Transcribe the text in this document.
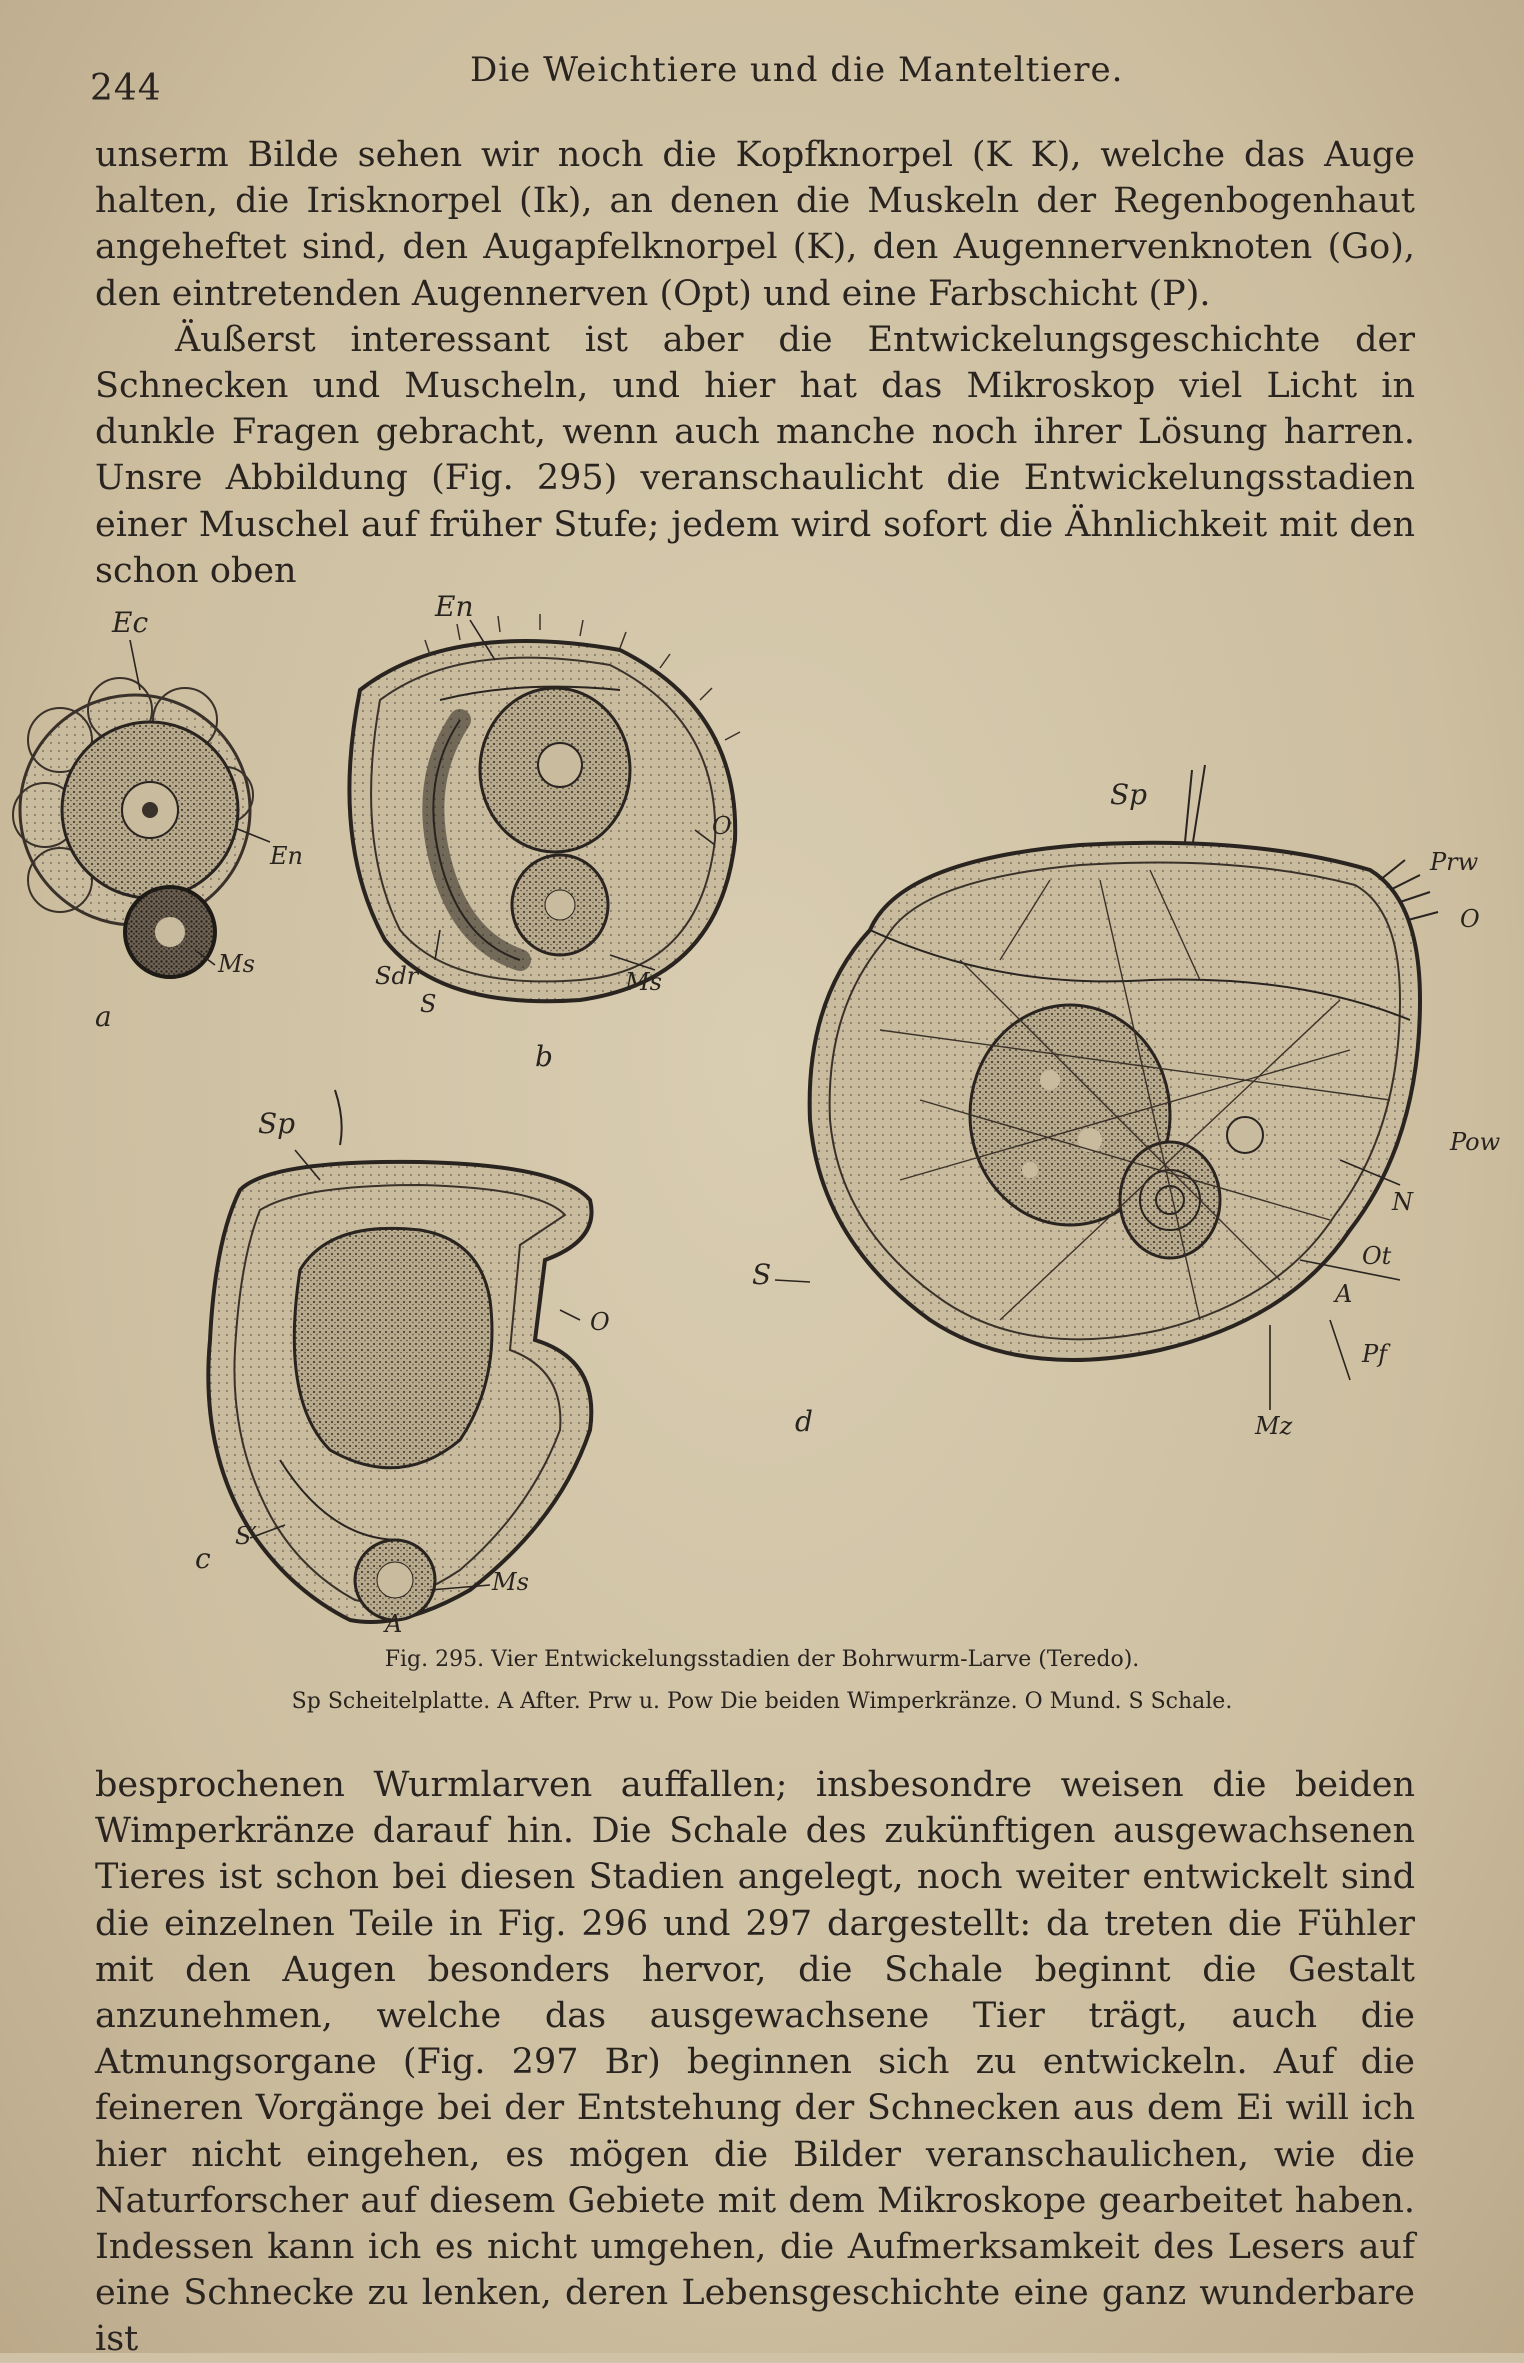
244	Die Weichtiere und die Manteltiere.

unserm Bilde sehen wir noch die Kopfknorpel (K K), welche das Auge halten, die Irisknorpel (Ik), an denen die Muskeln der Regenbogenhaut angeheftet sind, den Augapfelknorpel (K), den Augennervenknoten (Go), den eintretenden Augennerven (Opt) und eine Farbschicht (P).

Äußerst interessant ist aber die Entwickelungsgeschichte der Schnecken und Muscheln, und hier hat das Mikroskop viel Licht in dunkle Fragen gebracht, wenn auch manche noch ihrer Lösung harren. Unsre Abbildung (Fig. 295) veranschaulicht die Entwickelungsstadien einer Muschel auf früher Stufe; jedem wird sofort die Ähnlichkeit mit den schon oben

Ec
En
Ms
a
En
O
Sdr
S
Ms
b
Sp
O
S′
Ms
A
c
Sp
Prw
O
Pow
S
N
Ot
A
Pf
Mz
d
Fig. 295. Vier Entwickelungsstadien der Bohrwurm-Larve (Teredo).
Sp Scheitelplatte. A After. Prw u. Pow Die beiden Wimperkränze. O Mund. S Schale.

besprochenen Wurmlarven auffallen; insbesondre weisen die beiden Wimperkränze darauf hin. Die Schale des zukünftigen ausgewachsenen Tieres ist schon bei diesen Stadien angelegt, noch weiter entwickelt sind die einzelnen Teile in Fig. 296 und 297 dargestellt: da treten die Fühler mit den Augen besonders hervor, die Schale beginnt die Gestalt anzunehmen, welche das ausgewachsene Tier trägt, auch die Atmungsorgane (Fig. 297 Br) beginnen sich zu entwickeln. Auf die feineren Vorgänge bei der Entstehung der Schnecken aus dem Ei will ich hier nicht eingehen, es mögen die Bilder veranschaulichen, wie die Naturforscher auf diesem Gebiete mit dem Mikroskope gearbeitet haben. Indessen kann ich es nicht umgehen, die Aufmerksamkeit des Lesers auf eine Schnecke zu lenken, deren Lebensgeschichte eine ganz wunderbare ist
